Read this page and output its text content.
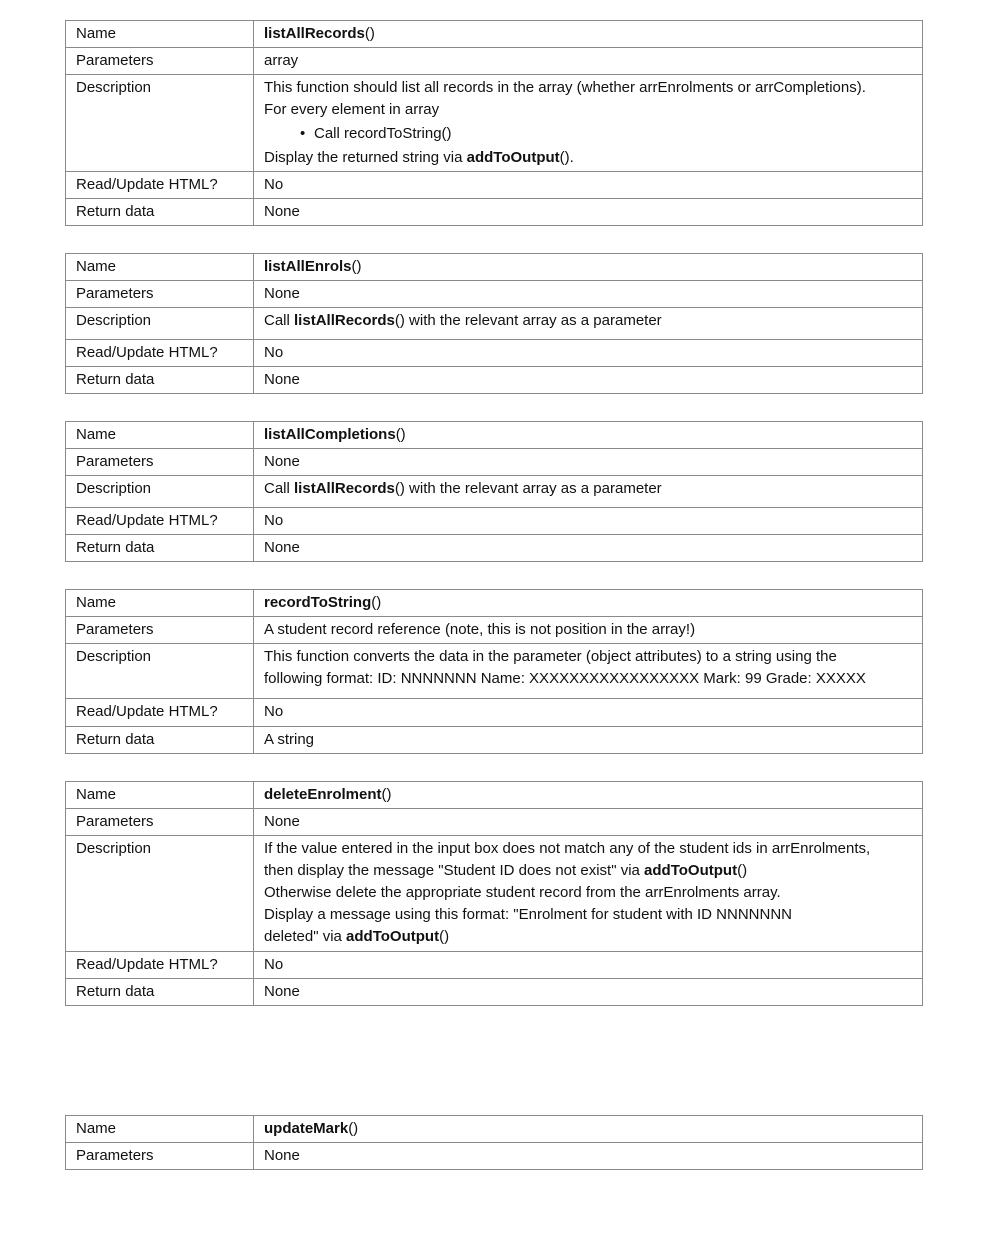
Name	listAllRecords()
Parameters	array
Description	This function should list all records in the array (whether arrEnrolments or arrCompletions).
For every element in array
• Call recordToString()
Display the returned string via addToOutput().

Read/Update HTML?	No
Return data	None
Name	listAllEnrols()
Parameters	None
Description	Call listAllRecords() with the relevant array as a parameter
Read/Update HTML?	No
Return data	None
Name	listAllCompletions()
Parameters	None
Description	Call listAllRecords() with the relevant array as a parameter
Read/Update HTML?	No
Return data	None
Name	recordToString()
Parameters	A student record reference (note, this is not position in the array!)
Description	This function converts the data in the parameter (object attributes) to a string using the
following format: ID: NNNNNNN Name: XXXXXXXXXXXXXXXXX Mark: 99 Grade: XXXXX

Read/Update HTML?	No
Return data	A string
Name	deleteEnrolment()
Parameters	None
Description	If the value entered in the input box does not match any of the student ids in arrEnrolments,
then display the message "Student ID does not exist" via addToOutput()
Otherwise delete the appropriate student record from the arrEnrolments array.
Display a message using this format: "Enrolment for student with ID NNNNNNN
deleted" via addToOutput()

Read/Update HTML?	No
Return data	None
Name	updateMark()
Parameters	None
